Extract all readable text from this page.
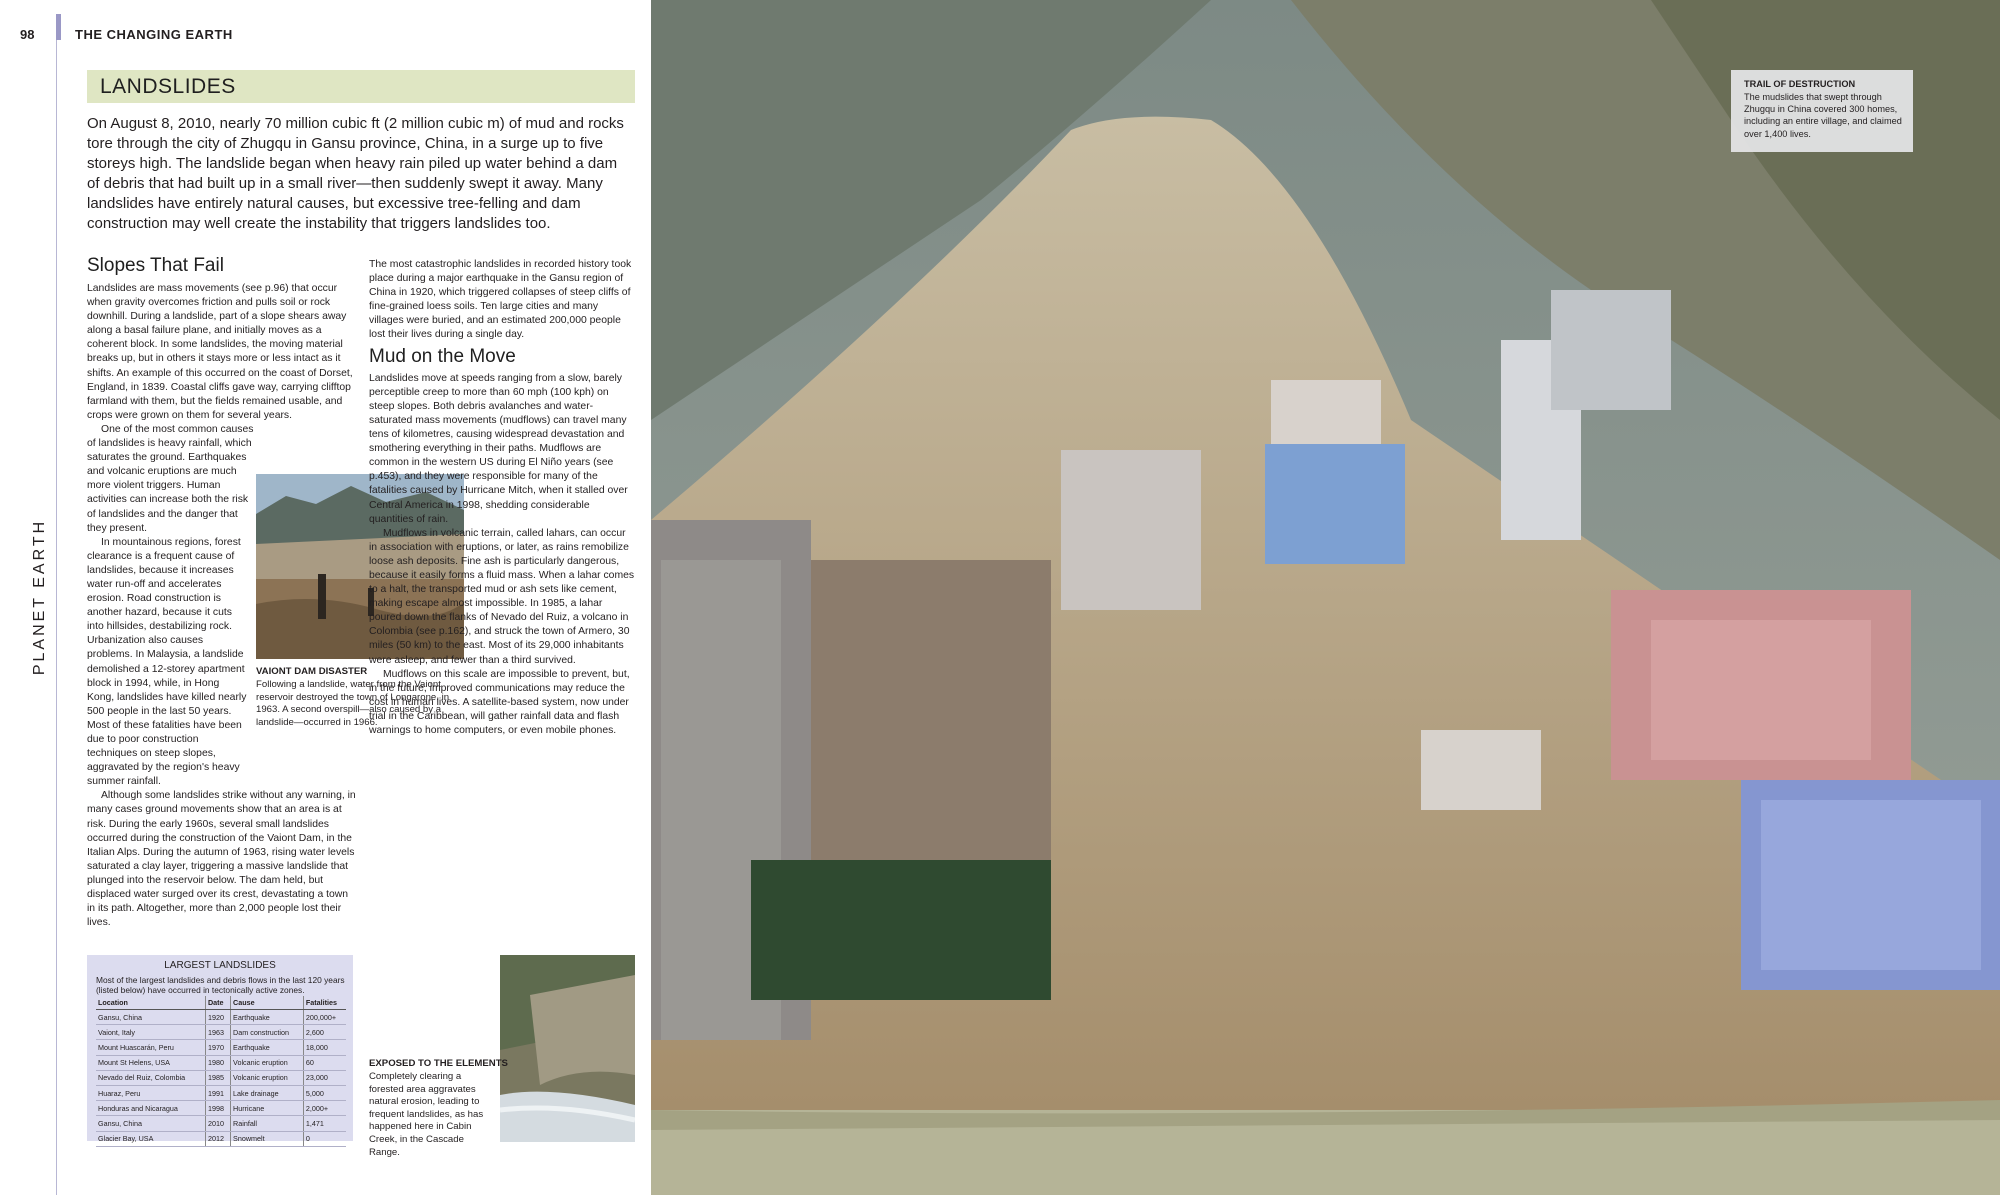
98	THE CHANGING EARTH
PLANET EARTH
LANDSLIDES
On August 8, 2010, nearly 70 million cubic ft (2 million cubic m) of mud and rocks tore through the city of Zhugqu in Gansu province, China, in a surge up to five storeys high. The landslide began when heavy rain piled up water behind a dam of debris that had built up in a small river—then suddenly swept it away. Many landslides have entirely natural causes, but excessive tree-felling and dam construction may well create the instability that triggers landslides too.
Slopes That Fail

Landslides are mass movements (see p.96) that occur when gravity overcomes friction and pulls soil or rock downhill. During a landslide, part of a slope shears away along a basal failure plane, and initially moves as a coherent block. In some landslides, the moving material breaks up, but in others it stays more or less intact as it shifts. An example of this occurred on the coast of Dorset, England, in 1839. Coastal cliffs gave way, carrying clifftop farmland with them, but the fields remained usable, and crops were grown on them for several years.

One of the most common causes of landslides is heavy rainfall, which saturates the ground. Earthquakes and volcanic eruptions are much more violent triggers. Human activities can increase both the risk of landslides and the danger that they present.

In mountainous regions, forest clearance is a frequent cause of landslides, because it increases water run-off and accelerates erosion. Road construction is another hazard, because it cuts into hillsides, destabilizing rock. Urbanization also causes problems. In Malaysia, a landslide demolished a 12-storey apartment block in 1994, while, in Hong Kong, landslides have killed nearly 500 people in the last 50 years. Most of these fatalities have been due to poor construction techniques on steep slopes, aggravated by the region's heavy summer rainfall.

Although some landslides strike without any warning, in many cases ground movements show that an area is at risk. During the early 1960s, several small landslides occurred during the construction of the Vaiont Dam, in the Italian Alps. During the autumn of 1963, rising water levels saturated a clay layer, triggering a massive landslide that plunged into the reservoir below. The dam held, but displaced water surged over its crest, devastating a town in its path. Altogether, more than 2,000 people lost their lives.

VAIONT DAM DISASTER
Following a landslide, water from the Vaiont reservoir destroyed the town of Longarone, in 1963. A second overspill—also caused by a landslide—occurred in 1966.

The most catastrophic landslides in recorded history took place during a major earthquake in the Gansu region of China in 1920, which triggered collapses of steep cliffs of fine-grained loess soils. Ten large cities and many villages were buried, and an estimated 200,000 people lost their lives during a single day.

Mud on the Move

Landslides move at speeds ranging from a slow, barely perceptible creep to more than 60 mph (100 kph) on steep slopes. Both debris avalanches and water-saturated mass movements (mudflows) can travel many tens of kilometres, causing widespread devastation and smothering everything in their paths. Mudflows are common in the western US during El Niño years (see p.453), and they were responsible for many of the fatalities caused by Hurricane Mitch, when it stalled over Central America in 1998, shedding considerable quantities of rain.

Mudflows in volcanic terrain, called lahars, can occur in association with eruptions, or later, as rains remobilize loose ash deposits. Fine ash is particularly dangerous, because it easily forms a fluid mass. When a lahar comes to a halt, the transported mud or ash sets like cement, making escape almost impossible. In 1985, a lahar poured down the flanks of Nevado del Ruiz, a volcano in Colombia (see p.162), and struck the town of Armero, 30 miles (50 km) to the east. Most of its 29,000 inhabitants were asleep, and fewer than a third survived.

Mudflows on this scale are impossible to prevent, but, in the future, improved communications may reduce the cost in human lives. A satellite-based system, now under trial in the Caribbean, will gather rainfall data and flash warnings to home computers, or even mobile phones.

LARGEST LANDSLIDES
Most of the largest landslides and debris flows in the last 120 years (listed below) have occurred in tectonically active zones.
Location	Date	Cause	Fatalities
Gansu, China	1920	Earthquake	200,000+
Vaiont, Italy	1963	Dam construction	2,600
Mount Huascarán, Peru	1970	Earthquake	18,000
Mount St Helens, USA	1980	Volcanic eruption	60
Nevado del Ruiz, Colombia	1985	Volcanic eruption	23,000
Huaraz, Peru	1991	Lake drainage	5,000
Honduras and Nicaragua	1998	Hurricane	2,000+
Gansu, China	2010	Rainfall	1,471
Glacier Bay, USA	2012	Snowmelt	0
EXPOSED TO THE ELEMENTS
Completely clearing a forested area aggravates natural erosion, leading to frequent landslides, as has happened here in Cabin Creek, in the Cascade Range.
TRAIL OF DESTRUCTION
The mudslides that swept through Zhugqu in China covered 300 homes, including an entire village, and claimed over 1,400 lives.
